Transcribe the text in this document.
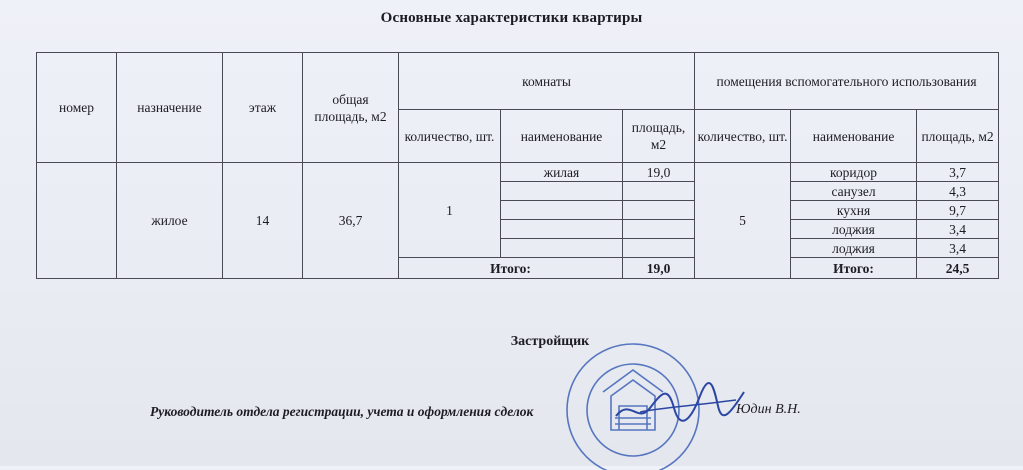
Основные характеристики квартиры
номер	назначение	этаж	общая площадь, м2	комнаты			помещения вспомогательного использования		
				количество, шт.	наименование	площадь, м2	количество, шт.	наименование	площадь, м2
	жилое	14	36,7	1	жилая	19,0	5	коридор	3,7
								санузел	4,3
								кухня	9,7
								лоджия	3,4
								лоджия	3,4
				Итого:		19,0		Итого:	24,5
Застройщик
Руководитель отдела регистрации, учета и оформления сделок	Юдин В.Н.
